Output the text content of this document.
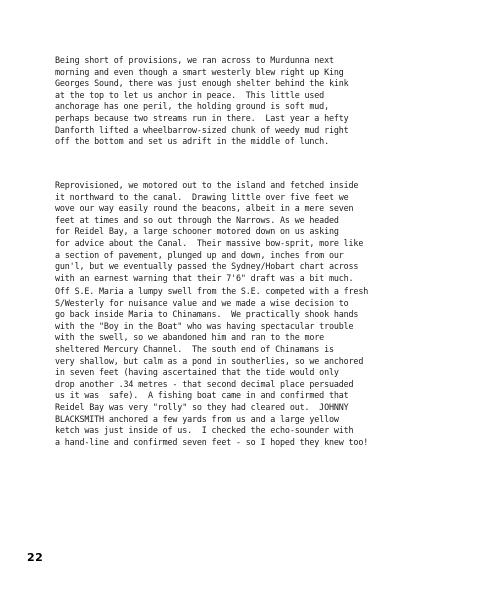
Being short of provisions, we ran across to Murdunna next
morning and even though a smart westerly blew right up King
Georges Sound, there was just enough shelter behind the kink
at the top to let us anchor in peace.  This little used
anchorage has one peril, the holding ground is soft mud,
perhaps because two streams run in there.  Last year a hefty
Danforth lifted a wheelbarrow-sized chunk of weedy mud right
off the bottom and set us adrift in the middle of lunch.
Reprovisioned, we motored out to the island and fetched inside
it northward to the canal.  Drawing little over five feet we
wove our way easily round the beacons, albeit in a mere seven
feet at times and so out through the Narrows. As we headed
for Reidel Bay, a large schooner motored down on us asking
for advice about the Canal.  Their massive bow-sprit, more like
a section of pavement, plunged up and down, inches from our
gun'l, but we eventually passed the Sydney/Hobart chart across
with an earnest warning that their 7'6" draft was a bit much.
Off S.E. Maria a lumpy swell from the S.E. competed with a fresh
S/Westerly for nuisance value and we made a wise decision to
go back inside Maria to Chinamans.  We practically shook hands
with the "Boy in the Boat" who was having spectacular trouble
with the swell, so we abandoned him and ran to the more
sheltered Mercury Channel.  The south end of Chinamans is
very shallow, but calm as a pond in southerlies, so we anchored
in seven feet (having ascertained that the tide would only
drop another .34 metres - that second decimal place persuaded
us it was  safe).  A fishing boat came in and confirmed that
Reidel Bay was very "rolly" so they had cleared out.  JOHNNY
BLACKSMITH anchored a few yards from us and a large yellow
ketch was just inside of us.  I checked the echo-sounder with
a hand-line and confirmed seven feet - so I hoped they knew too!
22
